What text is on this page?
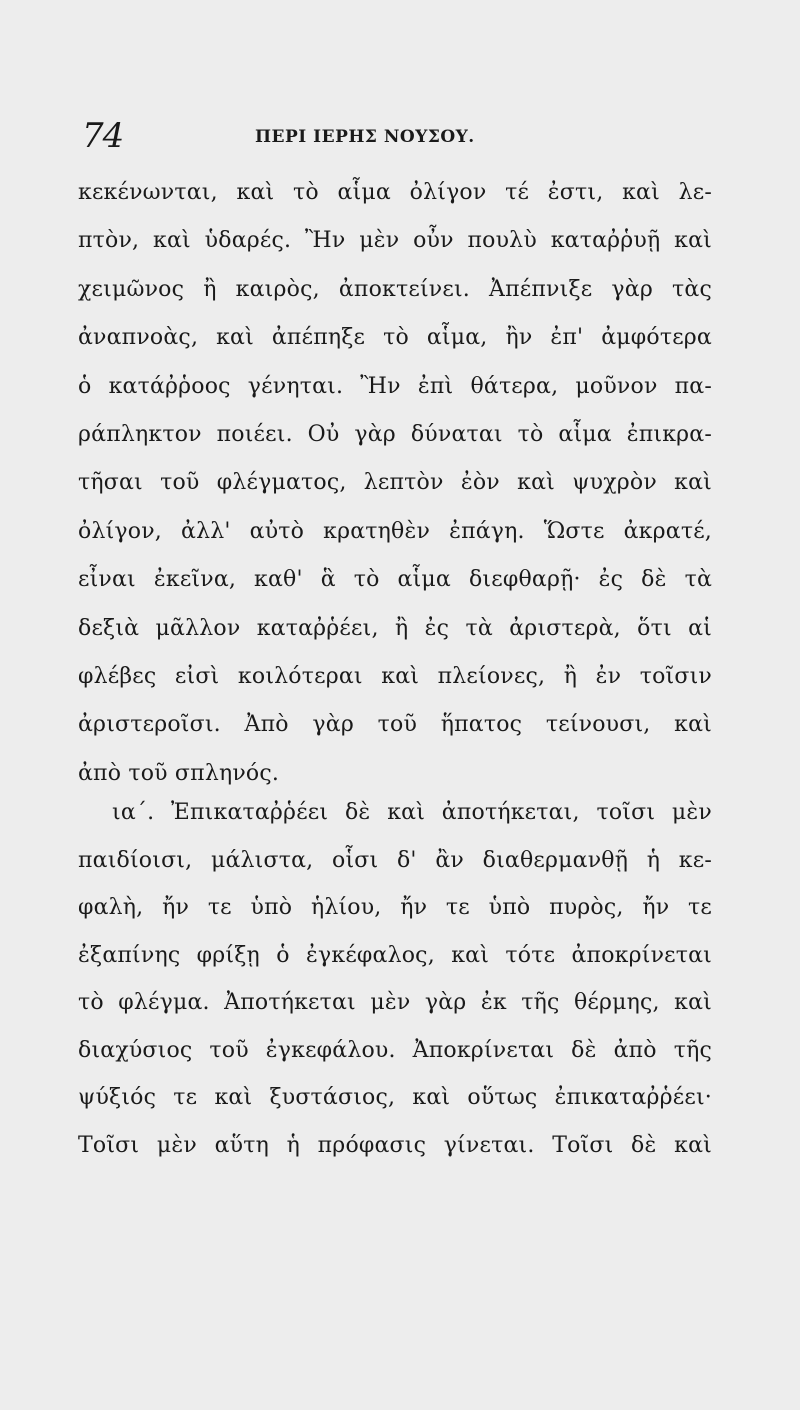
74	ΠΕΡΙ ΙΕΡΗΣ ΝΟΥΣΟΥ.
κεκένωνται, καὶ τὸ αἷμα ὀλίγον τέ ἐστι, καὶ λε-
πτὸν, καὶ ὑδαρές. Ἢν μὲν οὖν πουλὺ καταῤῥυῇ καὶ
χειμῶνος ἢ καιρὸς, ἀποκτείνει. Ἀπέπνιξε γὰρ τὰς
ἀναπνοὰς, καὶ ἀπέπηξε τὸ αἷμα, ἢν ἐπ' ἀμφότερα
ὁ κατάῤῥοος γένηται. Ἢν ἐπὶ θάτερα, μοῦνον πα-
ράπληκτον ποιέει. Οὐ γὰρ δύναται τὸ αἷμα ἐπικρα-
τῆσαι τοῦ φλέγματος, λεπτὸν ἐὸν καὶ ψυχρὸν καὶ
ὀλίγον, ἀλλ' αὐτὸ κρατηθὲν ἐπάγη. Ὥστε ἀκρατέ,
εἶναι ἐκεῖνα, καθ' ἃ τὸ αἷμα διεφθαρῇ· ἐς δὲ τὰ
δεξιὰ μᾶλλον καταῤῥέει, ἢ ἐς τὰ ἀριστερὰ, ὅτι αἱ
φλέβες εἰσὶ κοιλότεραι καὶ πλείονες, ἢ ἐν τοῖσιν
ἀριστεροῖσι. Ἀπὸ γὰρ τοῦ ἥπατος τείνουσι, καὶ
ἀπὸ τοῦ σπληνός.
ια΄. Ἐπικαταῤῥέει δὲ καὶ ἀποτήκεται, τοῖσι μὲν
παιδίοισι, μάλιστα, οἷσι δ' ἂν διαθερμανθῇ ἡ κε-
φαλὴ, ἤν τε ὑπὸ ἡλίου, ἤν τε ὑπὸ πυρὸς, ἤν τε
ἐξαπίνης φρίξῃ ὁ ἐγκέφαλος, καὶ τότε ἀποκρίνεται
τὸ φλέγμα. Ἀποτήκεται μὲν γὰρ ἐκ τῆς θέρμης, καὶ
διαχύσιος τοῦ ἐγκεφάλου. Ἀποκρίνεται δὲ ἀπὸ τῆς
ψύξιός τε καὶ ξυστάσιος, καὶ οὕτως ἐπικαταῤῥέει·
Τοῖσι μὲν αὕτη ἡ πρόφασις γίνεται. Τοῖσι δὲ καὶ
